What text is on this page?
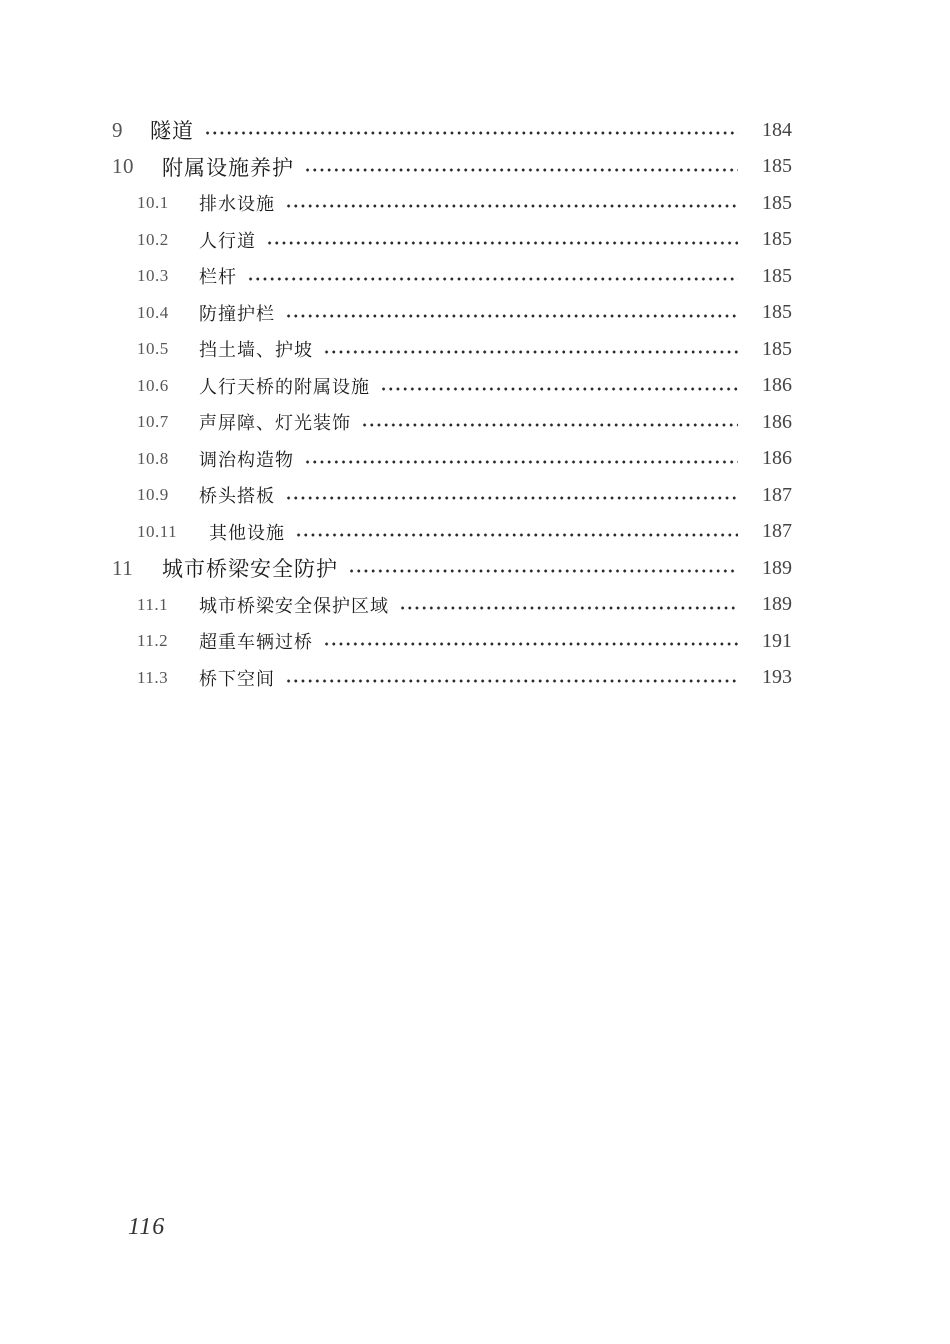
9	隧道	184
10	附属设施养护	185
10.1	排水设施	185
10.2	人行道	185
10.3	栏杆	185
10.4	防撞护栏	185
10.5	挡土墙、护坡	185
10.6	人行天桥的附属设施	186
10.7	声屏障、灯光装饰	186
10.8	调治构造物	186
10.9	桥头搭板	187
10.11	其他设施	187
11	城市桥梁安全防护	189
11.1	城市桥梁安全保护区域	189
11.2	超重车辆过桥	191
11.3	桥下空间	193
116
